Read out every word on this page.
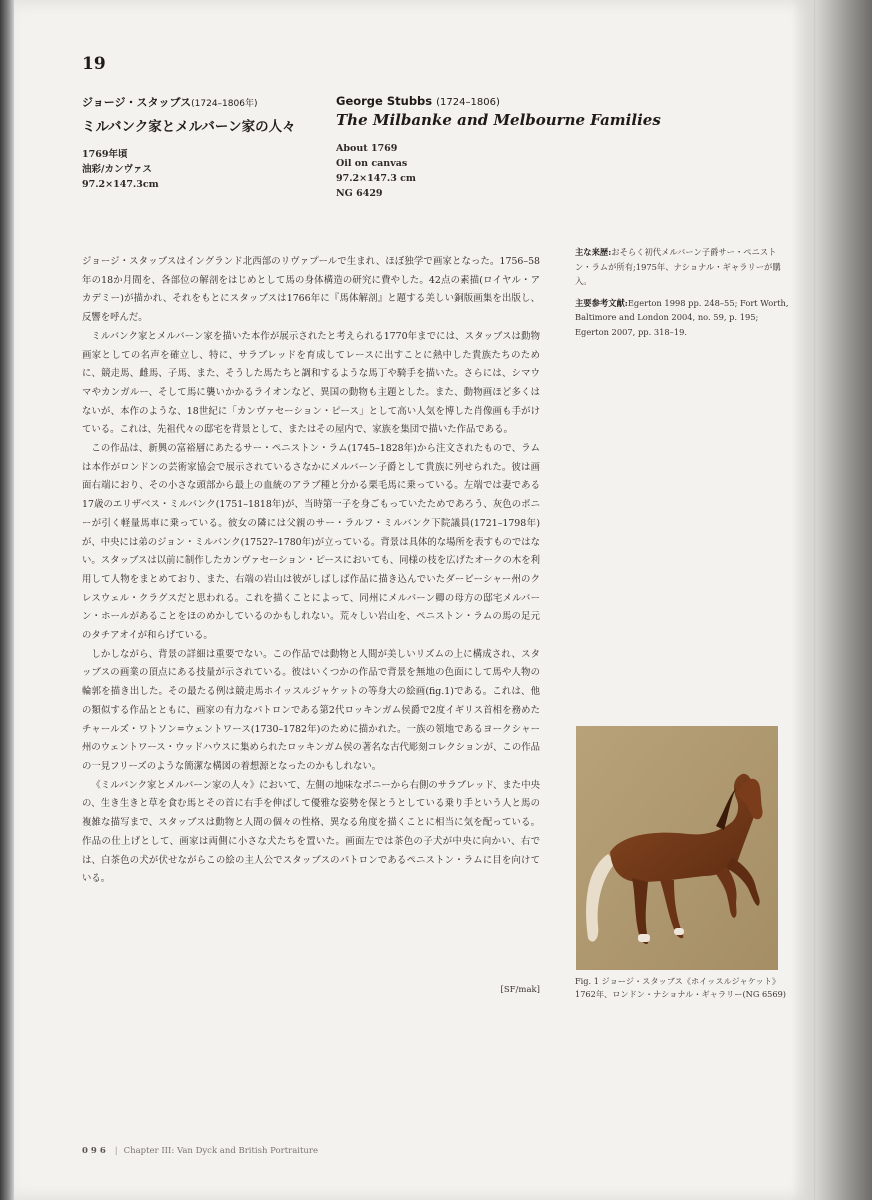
19
ジョージ・スタッブス(1724–1806年)
ミルバンク家とメルバーン家の人々
1769年頃
油彩/カンヴァス
97.2×147.3cm
George Stubbs (1724–1806)
The Milbanke and Melbourne Families
About 1769
Oil on canvas
97.2×147.3 cm
NG 6429

ジョージ・スタッブスはイングランド北西部のリヴァプールで生まれ、ほぼ独学で画家となった。1756–58年の18か月間を、各部位の解剖をはじめとして馬の身体構造の研究に費やした。42点の素描(ロイヤル・アカデミー)が描かれ、それをもとにスタッブスは1766年に『馬体解剖』と題する美しい銅版画集を出版し、反響を呼んだ。

ミルバンク家とメルバーン家を描いた本作が展示されたと考えられる1770年までには、スタッブスは動物画家としての名声を確立し、特に、サラブレッドを育成してレースに出すことに熱中した貴族たちのために、競走馬、雌馬、子馬、また、そうした馬たちと調和するような馬丁や騎手を描いた。さらには、シマウマやカンガルー、そして馬に襲いかかるライオンなど、異国の動物も主題とした。また、動物画ほど多くはないが、本作のような、18世紀に「カンヴァセーション・ピース」として高い人気を博した肖像画も手がけている。これは、先祖代々の邸宅を背景として、またはその屋内で、家族を集団で描いた作品である。

この作品は、新興の富裕層にあたるサー・ペニストン・ラム(1745–1828年)から注文されたもので、ラムは本作がロンドンの芸術家協会で展示されているさなかにメルバーン子爵として貴族に列せられた。彼は画面右端におり、その小さな頭部から最上の血統のアラブ種と分かる栗毛馬に乗っている。左端では妻である17歳のエリザベス・ミルバンク(1751–1818年)が、当時第一子を身ごもっていたためであろう、灰色のポニーが引く軽量馬車に乗っている。彼女の隣には父親のサー・ラルフ・ミルバンク下院議員(1721–1798年)が、中央には弟のジョン・ミルバンク(1752?–1780年)が立っている。背景は具体的な場所を表すものではない。スタッブスは以前に制作したカンヴァセーション・ピースにおいても、同様の枝を広げたオークの木を利用して人物をまとめており、また、右端の岩山は彼がしばしば作品に描き込んでいたダービーシャー州のクレスウェル・クラグスだと思われる。これを描くことによって、同州にメルバーン卿の母方の邸宅メルバーン・ホールがあることをほのめかしているのかもしれない。荒々しい岩山を、ペニストン・ラムの馬の足元のタチアオイが和らげている。

しかしながら、背景の詳細は重要でない。この作品では動物と人間が美しいリズムの上に構成され、スタッブスの画業の頂点にある技量が示されている。彼はいくつかの作品で背景を無地の色面にして馬や人物の輪郭を描き出した。その最たる例は競走馬ホイッスルジャケットの等身大の絵画(fig.1)である。これは、他の類似する作品とともに、画家の有力なパトロンである第2代ロッキンガム侯爵で2度イギリス首相を務めたチャールズ・ワトソン=ウェントワース(1730–1782年)のために描かれた。一族の領地であるヨークシャー州のウェントワース・ウッドハウスに集められたロッキンガム侯の著名な古代彫刻コレクションが、この作品の一見フリーズのような簡潔な構図の着想源となったのかもしれない。

《ミルバンク家とメルバーン家の人々》において、左側の地味なポニーから右側のサラブレッド、また中央の、生き生きと草を食む馬とその首に右手を伸ばして優雅な姿勢を保とうとしている乗り手という人と馬の複雑な描写まで、スタッブスは動物と人間の個々の性格、異なる角度を描くことに相当に気を配っている。作品の仕上げとして、画家は両側に小さな犬たちを置いた。画面左では茶色の子犬が中央に向かい、右では、白茶色の犬が伏せながらこの絵の主人公でスタッブスのパトロンであるペニストン・ラムに目を向けている。

[SF/mak]

主な来歴:おそらく初代メルバーン子爵サー・ペニストン・ラムが所有;1975年、ナショナル・ギャラリーが購入。

主要参考文献:Egerton 1998 pp. 248–55; Fort Worth, Baltimore and London 2004, no. 59, p. 195; Egerton 2007, pp. 318–19.

Fig. 1 ジョージ・スタッブス《ホイッスルジャケット》
1762年、ロンドン・ナショナル・ギャラリー(NG 6569)
096 | Chapter III: Van Dyck and British Portraiture
